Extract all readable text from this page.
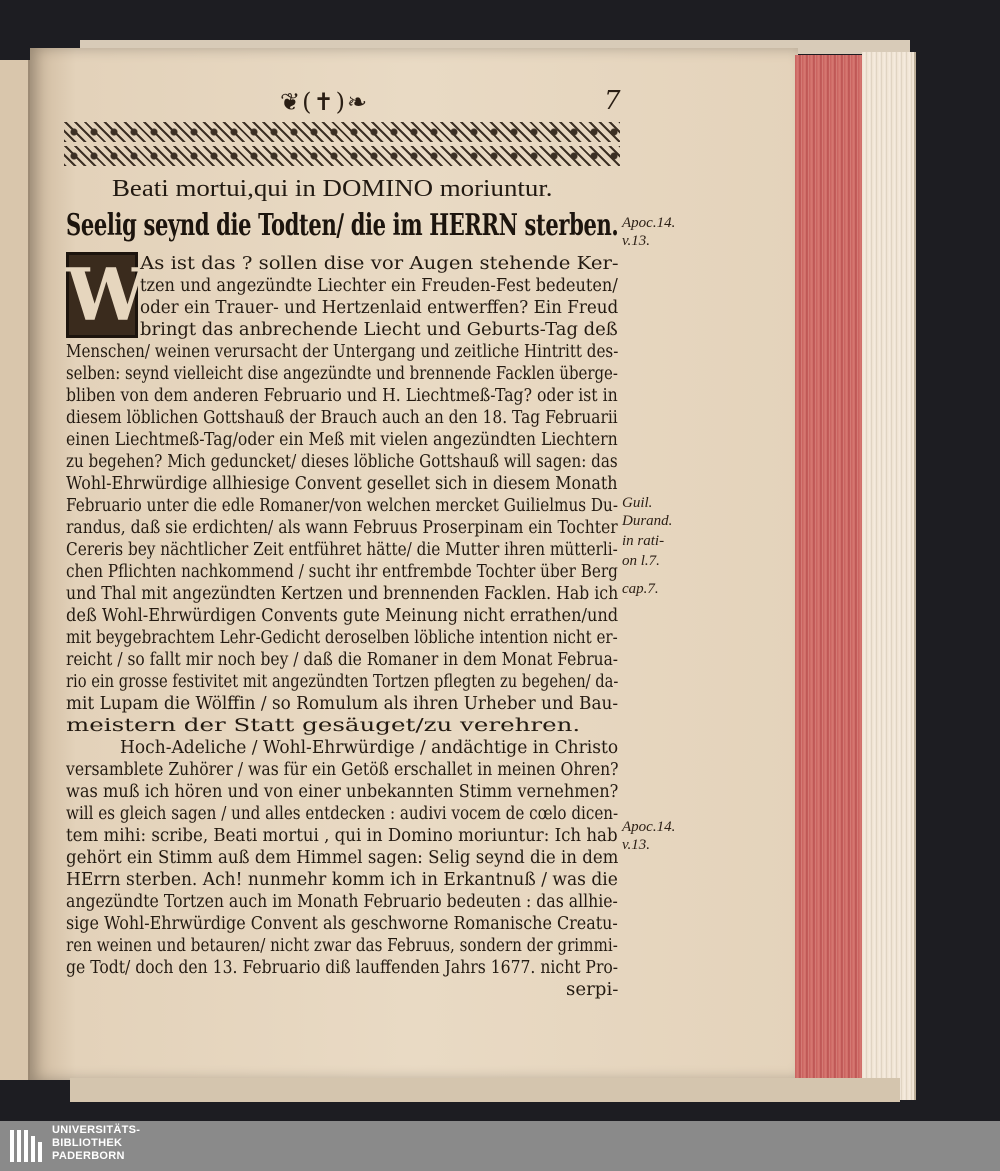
❦(✝)❧	7
Beati mortui,qui in DOMINO moriuntur.
Seelig seynd die Todten/ die im HERRN sterben.
W
As ist das ? sollen dise vor Augen stehende Ker-
tzen und angezündte Liechter ein Freuden-Fest bedeuten/
oder ein Trauer- und Hertzenlaid entwerffen? Ein Freud
bringt das anbrechende Liecht und Geburts-Tag deß
Menschen/ weinen verursacht der Untergang und zeitliche Hintritt des-
selben: seynd vielleicht dise angezündte und brennende Facklen überge-
bliben von dem anderen Februario und H. Liechtmeß-Tag? oder ist in
diesem löblichen Gottshauß der Brauch auch an den 18. Tag Februarii
einen Liechtmeß-Tag/oder ein Meß mit vielen angezündten Liechtern
zu begehen? Mich geduncket/ dieses löbliche Gottshauß will sagen: das
Wohl-Ehrwürdige allhiesige Convent gesellet sich in diesem Monath
Februario unter die edle Romaner/von welchen mercket Guilielmus Du-
randus, daß sie erdichten/ als wann Februus Proserpinam ein Tochter
Cereris bey nächtlicher Zeit entführet hätte/ die Mutter ihren mütterli-
chen Pflichten nachkommend / sucht ihr entfrembde Tochter über Berg
und Thal mit angezündten Kertzen und brennenden Facklen. Hab ich
deß Wohl-Ehrwürdigen Convents gute Meinung nicht errathen/und
mit beygebrachtem Lehr-Gedicht deroselben löbliche intention nicht er-
reicht / so fallt mir noch bey / daß die Romaner in dem Monat Februa-
rio ein grosse festivitet mit angezündten Tortzen pflegten zu begehen/ da-
mit Lupam die Wölffin / so Romulum als ihren Urheber und Bau-
meistern der Statt gesäuget/zu verehren.
Hoch-Adeliche / Wohl-Ehrwürdige / andächtige in Christo
versamblete Zuhörer / was für ein Getöß erschallet in meinen Ohren?
was muß ich hören und von einer unbekannten Stimm vernehmen?
will es gleich sagen / und alles entdecken : audivi vocem de cœlo dicen-
tem mihi: scribe, Beati mortui , qui in Domino moriuntur: Ich hab
gehört ein Stimm auß dem Himmel sagen: Selig seynd die in dem
HErrn sterben. Ach! nunmehr komm ich in Erkantnuß / was die
angezündte Tortzen auch im Monath Februario bedeuten : das allhie-
sige Wohl-Ehrwürdige Convent als geschworne Romanische Creatu-
ren weinen und betauren/ nicht zwar das Februus, sondern der grimmi-
ge Todt/ doch den 13. Februario diß lauffenden Jahrs 1677. nicht Pro-
serpi-
Apoc.14.
v.13.
Guil.
Durand.
in rati-
on l.7.
cap.7.
Apoc.14.
v.13.
UNIVERSITÄTS-
BIBLIOTHEK
PADERBORN
